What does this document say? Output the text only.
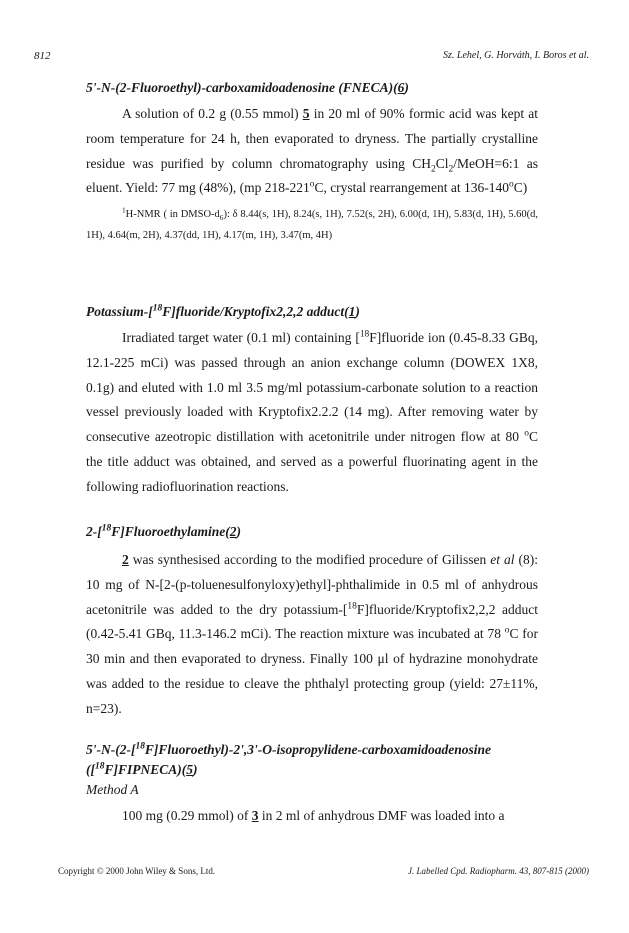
812	Sz. Lehel, G. Horváth, I. Boros et al.

5'-N-(2-Fluoroethyl)-carboxamidoadenosine (FNECA)(6)

A solution of 0.2 g (0.55 mmol) 5 in 20 ml of 90% formic acid was kept at room temperature for 24 h, then evaporated to dryness. The partially crystalline residue was purified by column chromatography using $CH_2Cl_2/MeOH=6:1$ as eluent. Yield: 77 mg (48%), (mp 218-221$^o$C, crystal rearrangement at 136-140$^o$C)

$^1$H-NMR ( in DMSO-$d_6$): δ 8.44(s, 1H), 8.24(s, 1H), 7.52(s, 2H), 6.00(d, 1H), 5.83(d, 1H), 5.60(d, 1H), 4.64(m, 2H), 4.37(dd, 1H), 4.17(m, 1H), 3.47(m, 4H)

Potassium-[$^{18}$F]fluoride/Kryptofix2,2,2 adduct(1)

Irradiated target water (0.1 ml) containing [$^{18}$F]fluoride ion (0.45-8.33 GBq, 12.1-225 mCi) was passed through an anion exchange column (DOWEX 1X8, 0.1g) and eluted with 1.0 ml 3.5 mg/ml potassium-carbonate solution to a reaction vessel previously loaded with Kryptofix2.2.2 (14 mg). After removing water by consecutive azeotropic distillation with acetonitrile under nitrogen flow at 80 $^o$C the title adduct was obtained, and served as a powerful fluorinating agent in the following radiofluorination reactions.

2-[$^{18}$F]Fluoroethylamine(2)

2 was synthesised according to the modified procedure of Gilissen et al (8): 10 mg of N-[2-(p-toluenesulfonyloxy)ethyl]-phthalimide in 0.5 ml of anhydrous acetonitrile was added to the dry potassium-[$^{18}$F]fluoride/Kryptofix2,2,2 adduct (0.42-5.41 GBq, 11.3-146.2 mCi). The reaction mixture was incubated at 78 $^o$C for 30 min and then evaporated to dryness. Finally 100 μl of hydrazine monohydrate was added to the residue to cleave the phthalyl protecting group (yield: 27±11%, n=23).

5'-N-(2-[$^{18}$F]Fluoroethyl)-2',3'-O-isopropylidene-carboxamidoadenosine

([$^{18}$F]FIPNECA)(5)

Method A

100 mg (0.29 mmol) of 3 in 2 ml of anhydrous DMF was loaded into a

Copyright © 2000 John Wiley & Sons, Ltd.	J. Labelled Cpd. Radiopharm. 43, 807-815 (2000)
